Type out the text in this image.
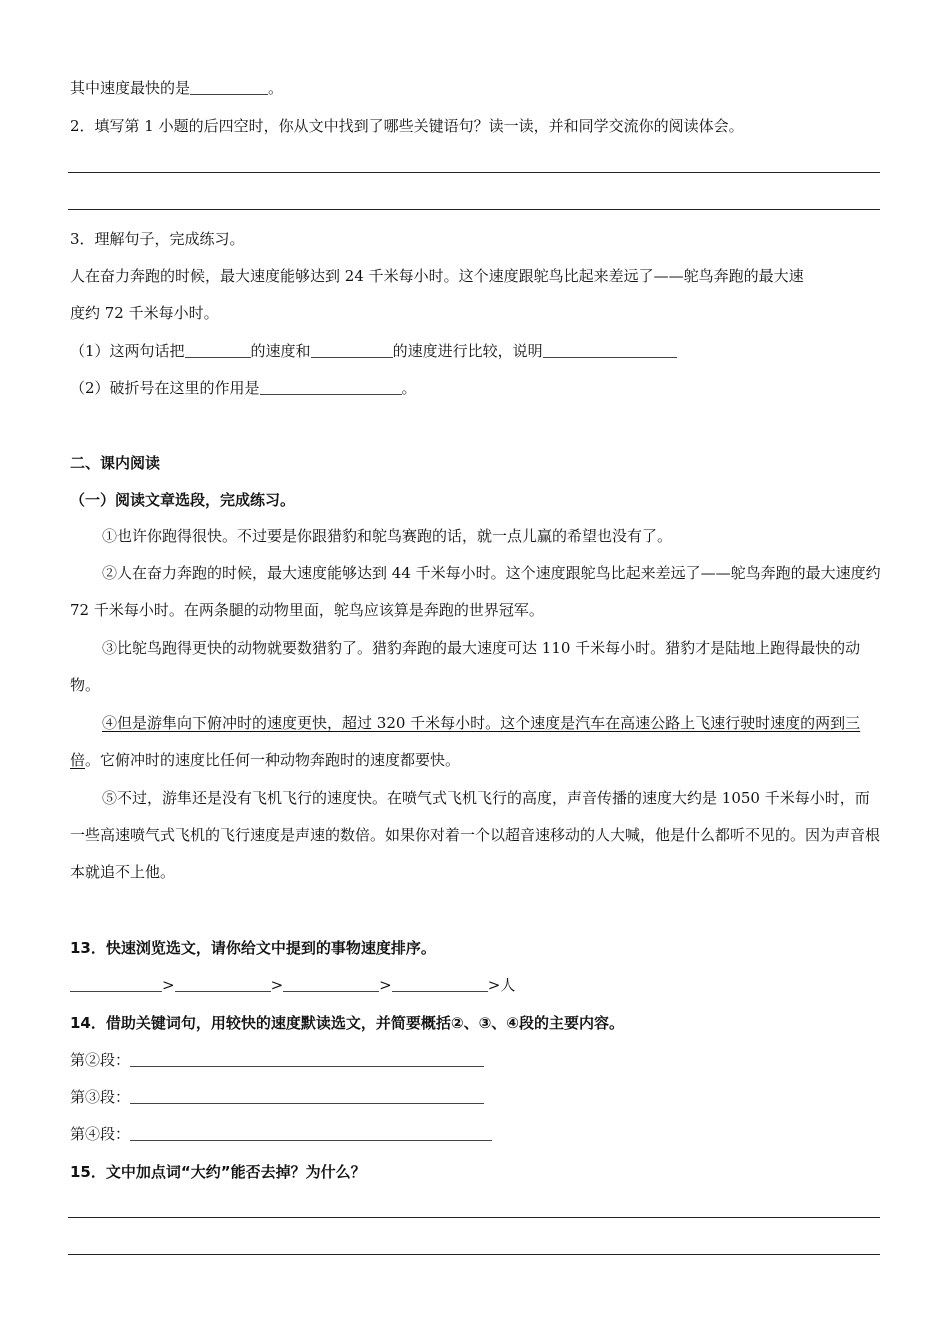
其中速度最快的是	。
2．填写第 1 小题的后四空时，你从文中找到了哪些关键语句？读一读，并和同学交流你的阅读体会。
3．理解句子，完成练习。
人在奋力奔跑的时候，最大速度能够达到 24 千米每小时。这个速度跟鸵鸟比起来差远了——鸵鸟奔跑的最大速
度约 72 千米每小时。
（1）这两句话把	的速度和	的速度进行比较，说明
（2）破折号在这里的作用是	。
二、课内阅读
（一）阅读文章选段，完成练习。
①也许你跑得很快。不过要是你跟猎豹和鸵鸟赛跑的话，就一点儿赢的希望也没有了。
②人在奋力奔跑的时候，最大速度能够达到 44 千米每小时。这个速度跟鸵鸟比起来差远了——鸵鸟奔跑的最大速度约 72 千米每小时。在两条腿的动物里面，鸵鸟应该算是奔跑的世界冠军。
③比鸵鸟跑得更快的动物就要数猎豹了。猎豹奔跑的最大速度可达 110 千米每小时。猎豹才是陆地上跑得最快的动物。
④但是游隼向下俯冲时的速度更快，超过 320 千米每小时。这个速度是汽车在高速公路上飞速行驶时速度的两到三倍。它俯冲时的速度比任何一种动物奔跑时的速度都要快。
⑤不过，游隼还是没有飞机飞行的速度快。在喷气式飞机飞行的高度，声音传播的速度大约是 1050 千米每小时，而一些高速喷气式飞机的飞行速度是声速的数倍。如果你对着一个以超音速移动的人大喊，他是什么都听不见的。因为声音根本就追不上他。
13．快速浏览选文，请你给文中提到的事物速度排序。
>	>	>	>人
14．借助关键词句，用较快的速度默读选文，并简要概括②、③、④段的主要内容。
第②段：
第③段：
第④段：
15．文中加点词“大约”能否去掉？为什么？
